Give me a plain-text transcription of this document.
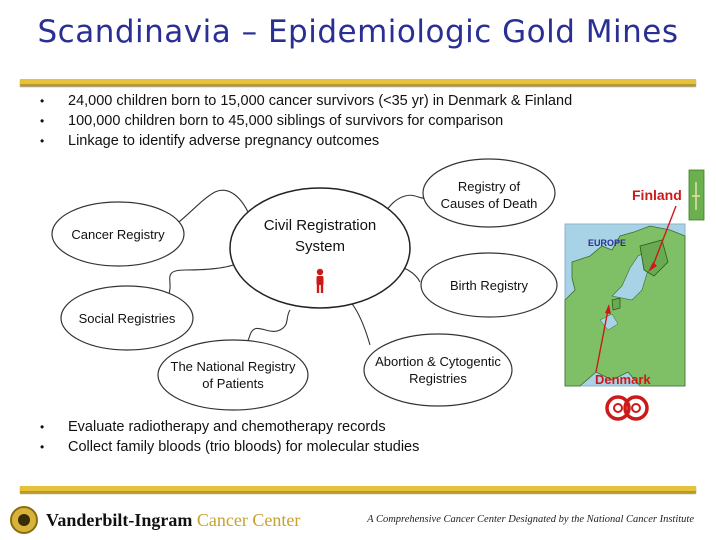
Scandinavia – Epidemiologic Gold Mines
• 24,000 children born to 15,000 cancer survivors (<35 yr) in Denmark & Finland
• 100,000 children born to 45,000 siblings of survivors for comparison
• Linkage to identify adverse pregnancy outcomes
Civil Registration
System
Cancer Registry
Registry of
Causes of Death
Birth Registry
Social Registries
Abortion & Cytogentic
Registries
The National Registry
of Patients
EUROPE
Finland
Denmark
• Evaluate radiotherapy and chemotherapy records
• Collect family bloods (trio bloods) for molecular studies
Vanderbilt-Ingram Cancer Center	A Comprehensive Cancer Center Designated by the National Cancer Institute
